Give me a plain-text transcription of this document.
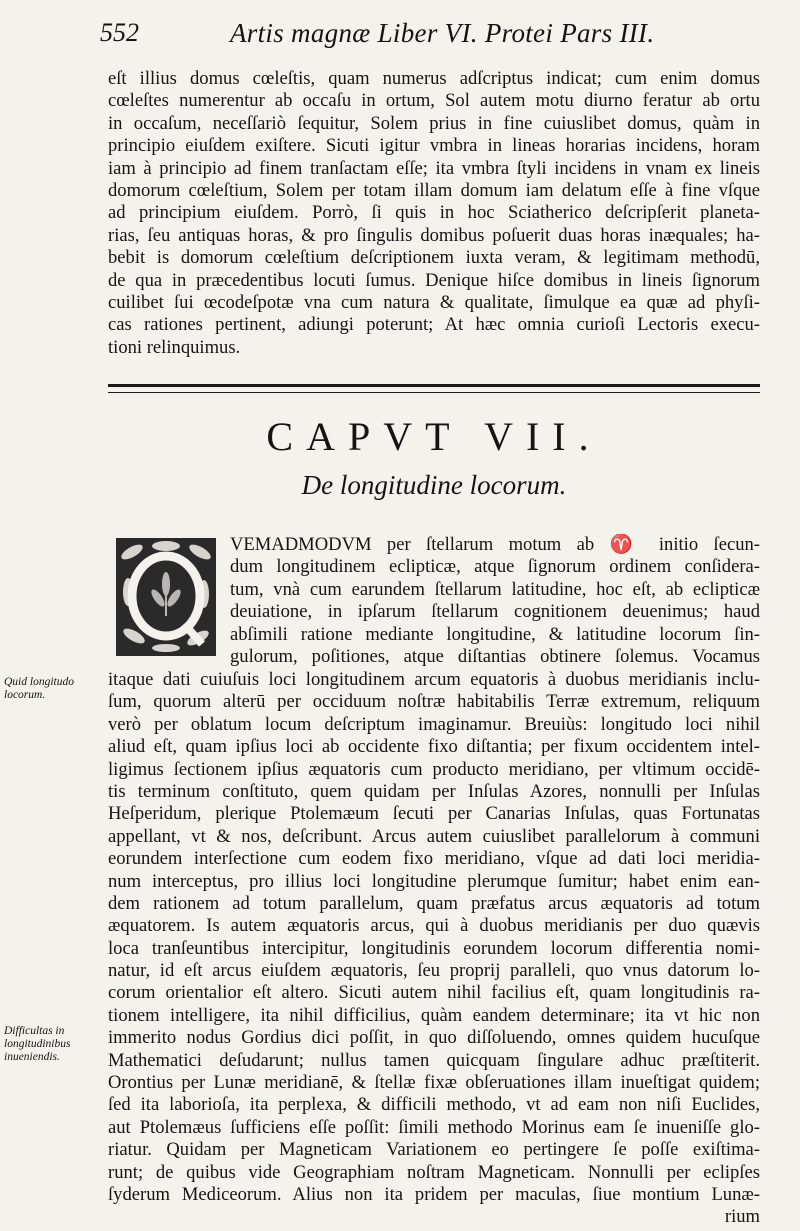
552	Artis magnæ Liber VI. Protei Pars III.
eſt illius domus cœleſtis, quam numerus adſcriptus indicat; cum enim domus
cœleſtes numerentur ab occaſu in ortum, Sol autem motu diurno feratur ab ortu
in occaſum, neceſſariò ſequitur, Solem prius in fine cuiuslibet domus, quàm in
principio eiuſdem exiſtere. Sicuti igitur vmbra in lineas horarias incidens, horam
iam à principio ad finem tranſactam eſſe; ita vmbra ſtyli incidens in vnam ex lineis
domorum cœleſtium, Solem per totam illam domum iam delatum eſſe à fine vſque
ad principium eiuſdem. Porrò, ſi quis in hoc Sciatherico deſcripſerit planeta-
rias, ſeu antiquas horas, & pro ſingulis domibus poſuerit duas horas inæquales; ha-
bebit is domorum cœleſtium deſcriptionem iuxta veram, & legitimam methodū,
de qua in præcedentibus locuti ſumus. Denique hiſce domibus in lineis ſignorum
cuilibet ſui œcodeſpotæ vna cum natura & qualitate, ſimulque ea quæ ad phyſi-
cas rationes pertinent, adiungi poterunt; At hæc omnia curioſi Lectoris execu-
tioni relinquimus.
CAPVT VII.
De longitudine locorum.
VEMADMODVM per ſtellarum motum ab ♈ initio ſecun-
dum longitudinem eclipticæ, atque ſignorum ordinem conſidera-
tum, vnà cum earundem ſtellarum latitudine, hoc eſt, ab eclipticæ
deuiatione, in ipſarum ſtellarum cognitionem deuenimus; haud
abſimili ratione mediante longitudine, & latitudine locorum ſin-
gulorum, poſitiones, atque diſtantias obtinere ſolemus. Vocamus
itaque dati cuiuſuis loci longitudinem arcum equatoris à duobus meridianis inclu-
ſum, quorum alterū per occiduum noſtræ habitabilis Terræ extremum, reliquum
verò per oblatum locum deſcriptum imaginamur. Breuiùs: longitudo loci nihil
aliud eſt, quam ipſius loci ab occidente fixo diſtantia; per fixum occidentem intel-
ligimus ſectionem ipſius æquatoris cum producto meridiano, per vltimum occidē-
tis terminum conſtituto, quem quidam per Inſulas Azores, nonnulli per Inſulas
Heſperidum, plerique Ptolemæum ſecuti per Canarias Inſulas, quas Fortunatas
appellant, vt & nos, deſcribunt. Arcus autem cuiuslibet parallelorum à communi
eorundem interſectione cum eodem fixo meridiano, vſque ad dati loci meridia-
num interceptus, pro illius loci longitudine plerumque ſumitur; habet enim ean-
dem rationem ad totum parallelum, quam præfatus arcus æquatoris ad totum
æquatorem. Is autem æquatoris arcus, qui à duobus meridianis per duo quævis
loca tranſeuntibus intercipitur, longitudinis eorundem locorum differentia nomi-
natur, id eſt arcus eiuſdem æquatoris, ſeu proprij paralleli, quo vnus datorum lo-
corum orientalior eſt altero. Sicuti autem nihil facilius eſt, quam longitudinis ra-
tionem intelligere, ita nihil difficilius, quàm eandem determinare; ita vt hic non
immerito nodus Gordius dici poſſit, in quo diſſoluendo, omnes quidem hucuſque
Mathematici deſudarunt; nullus tamen quicquam ſingulare adhuc præſtiterit.
Orontius per Lunæ meridianē, & ſtellæ fixæ obſeruationes illam inueſtigat quidem;
ſed ita laborioſa, ita perplexa, & difficili methodo, vt ad eam non niſi Euclides,
aut Ptolemæus ſufficiens eſſe poſſit: ſimili methodo Morinus eam ſe inueniſſe glo-
riatur. Quidam per Magneticam Variationem eo pertingere ſe poſſe exiſtima-
runt; de quibus vide Geographiam noſtram Magneticam. Nonnulli per eclipſes
ſyderum Mediceorum. Alius non ita pridem per maculas, ſiue montium Lunæ-
rium
Quid longitudo
locorum.
Difficultas in
longitudinibus
inueniendis.
